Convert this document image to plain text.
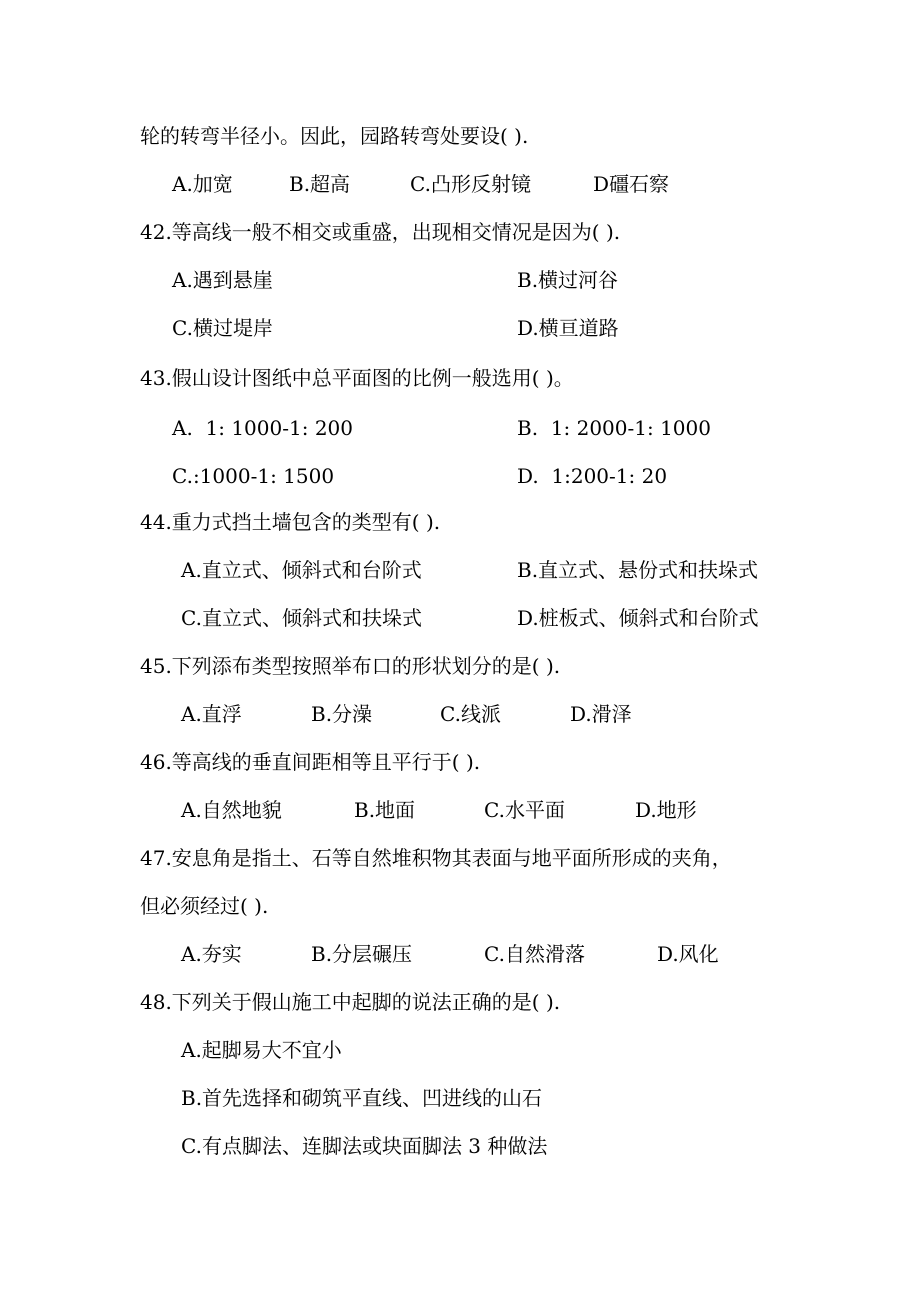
轮的转弯半径小。因此，园路转弯处要设( ).
A.加宽	B.超高	C.凸形反射镜	D礓石察
42.等高线一般不相交或重盛，出现相交情况是因为( ).
A.遇到悬崖	B.横过河谷
C.横过堤岸	D.横亘道路
43.假山设计图纸中总平面图的比例一般选用( )。
A.  1: 1000-1: 200	B.  1: 2000-1: 1000
C.:1000-1: 1500	D.  1:200-1: 20
44.重力式挡土墙包含的类型有( ).
A.直立式、倾斜式和台阶式	B.直立式、悬份式和扶垛式
C.直立式、倾斜式和扶垛式	D.桩板式、倾斜式和台阶式
45.下列添布类型按照举布口的形状划分的是( ).
A.直浮	B.分澡	C.线派	D.滑泽
46.等高线的垂直间距相等且平行于( ).
A.自然地貌	B.地面	C.水平面	D.地形
47.安息角是指土、石等自然堆积物其表面与地平面所形成的夹角，
但必须经过( ).
A.夯实	B.分层碾压	C.自然滑落	D.风化
48.下列关于假山施工中起脚的说法正确的是( ).
A.起脚易大不宜小
B.首先选择和砌筑平直线、凹进线的山石
C.有点脚法、连脚法或块面脚法 3 种做法
